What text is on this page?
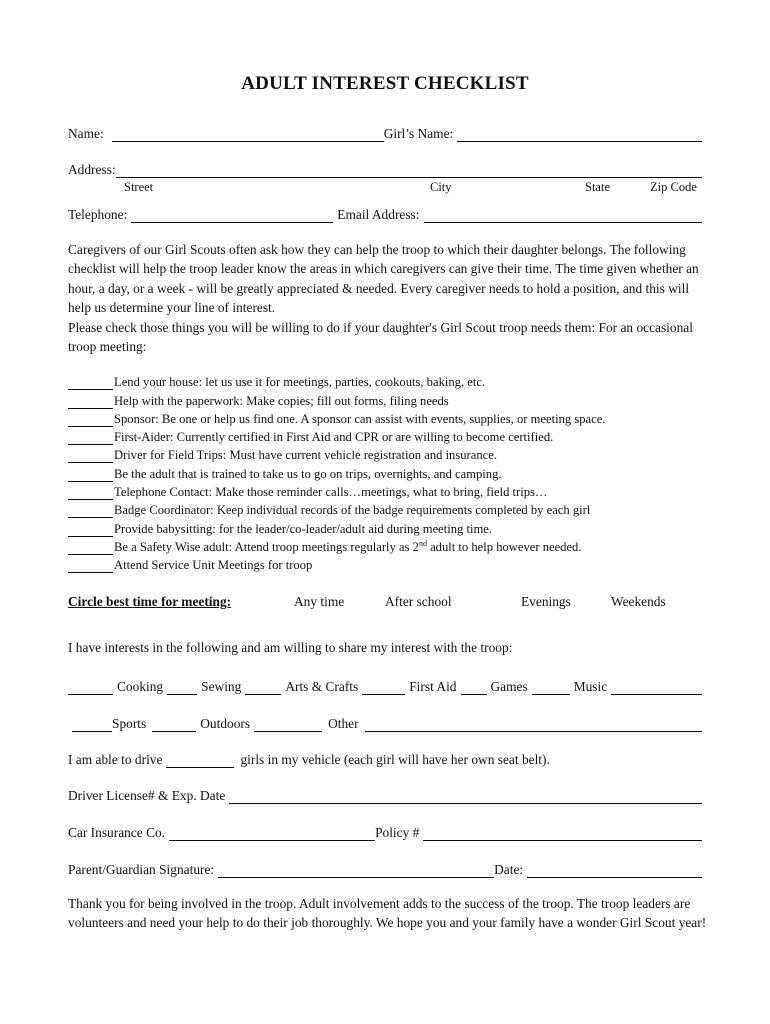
ADULT INTEREST CHECKLIST
Name:	Girl’s Name:
Address:
Street	City	State	Zip Code
Telephone:	Email Address:
Caregivers of our Girl Scouts often ask how they can help the troop to which their daughter belongs. The following checklist will help the troop leader know the areas in which caregivers can give their time. The time given whether an hour, a day, or a week - will be greatly appreciated & needed. Every caregiver needs to hold a position, and this will help us determine your line of interest.
Please check those things you will be willing to do if your daughter's Girl Scout troop needs them: For an occasional troop meeting:
Lend your house: let us use it for meetings, parties, cookouts, baking, etc.
Help with the paperwork: Make copies; fill out forms, filing needs
Sponsor: Be one or help us find one. A sponsor can assist with events, supplies, or meeting space.
First-Aider: Currently certified in First Aid and CPR or are willing to become certified.
Driver for Field Trips: Must have current vehicle registration and insurance.
Be the adult that is trained to take us to go on trips, overnights, and camping.
Telephone Contact: Make those reminder calls…meetings, what to bring, field trips…
Badge Coordinator: Keep individual records of the badge requirements completed by each girl
Provide babysitting: for the leader/co-leader/adult aid during meeting time.
Be a Safety Wise adult: Attend troop meetings regularly as 2nd adult to help however needed.
Attend Service Unit Meetings for troop
Circle best time for meeting:	Any time	After school	Evenings	Weekends
I have interests in the following and am willing to share my interest with the troop:
Cooking	Sewing	Arts & Crafts	First Aid	Games	Music
Sports	Outdoors	Other
I am able to drive	girls in my vehicle (each girl will have her own seat belt).
Driver License# & Exp. Date
Car Insurance Co.	Policy #
Parent/Guardian Signature:	Date:
Thank you for being involved in the troop. Adult involvement adds to the success of the troop. The troop leaders are volunteers and need your help to do their job thoroughly. We hope you and your family have a wonder Girl Scout year!
